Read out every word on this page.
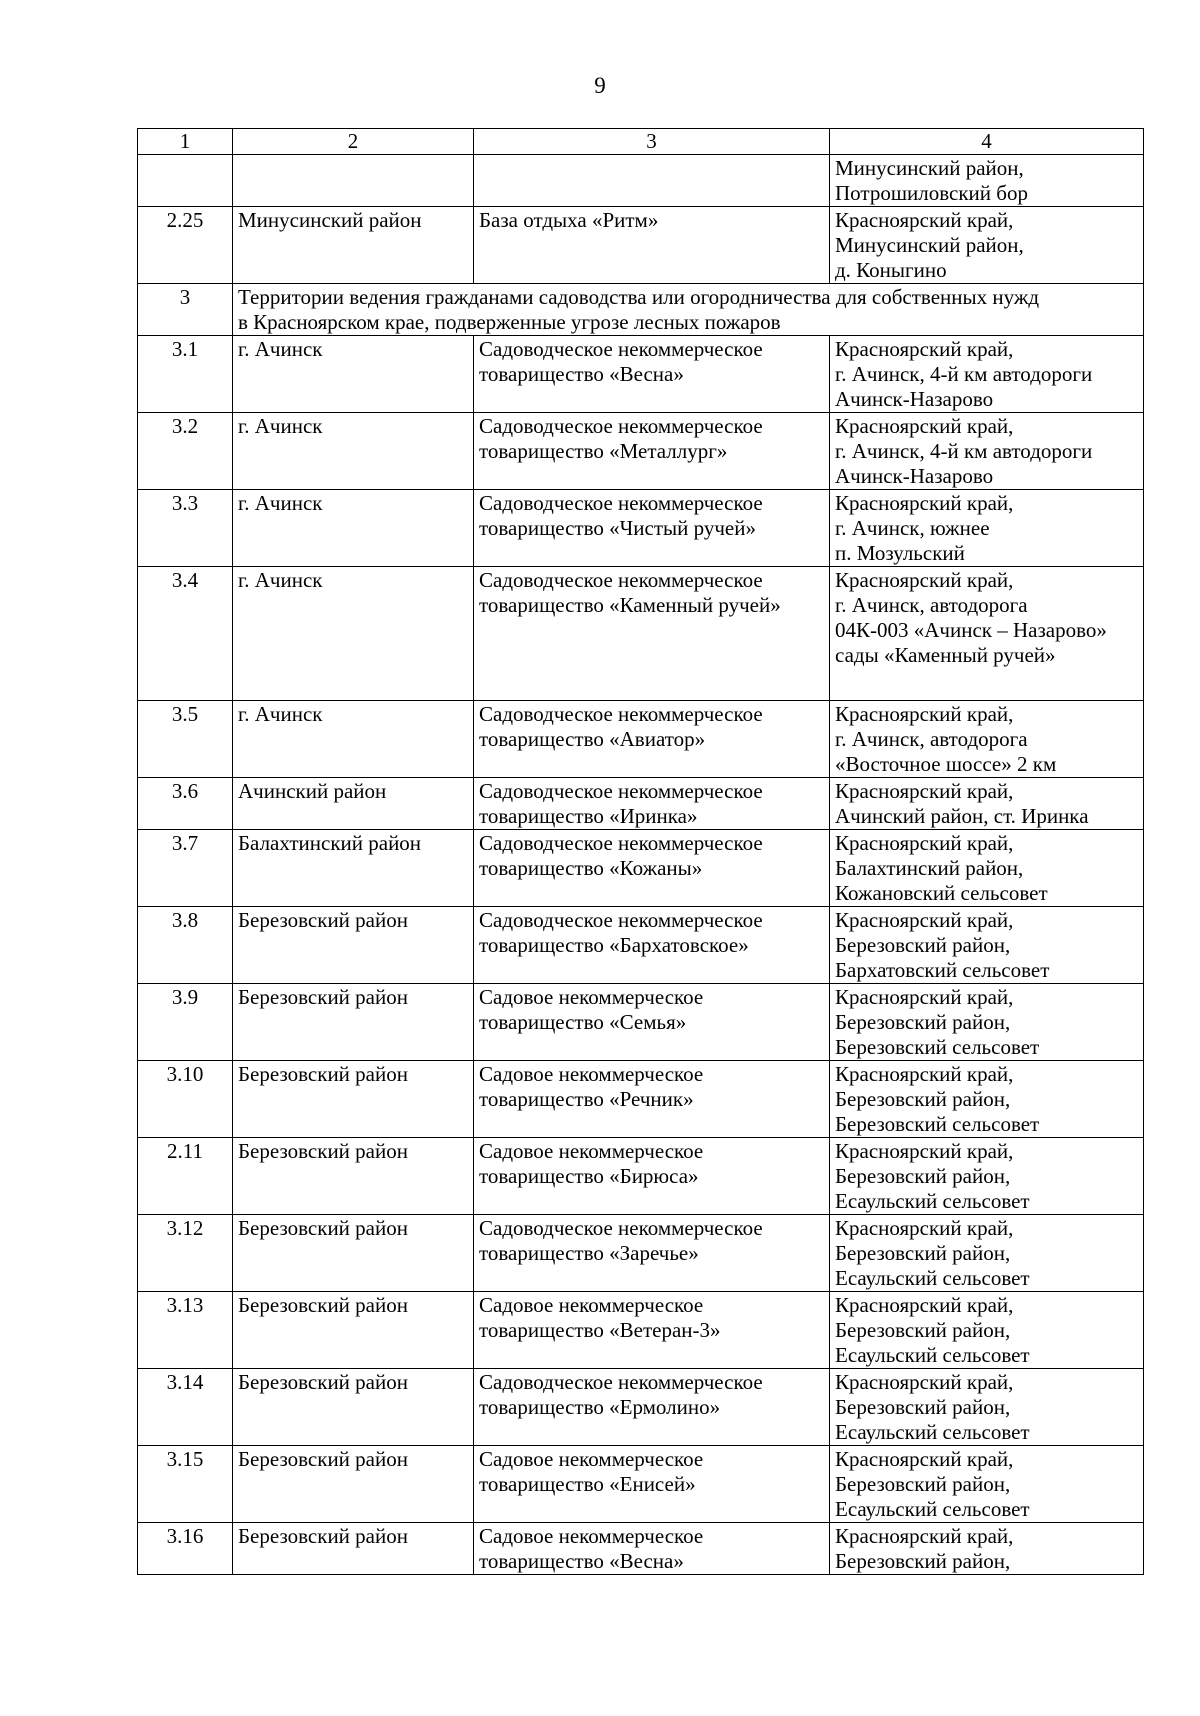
9
1	2	3	4

			Минусинский район,
Потрошиловский бор

2.25	Минусинский район	База отдыха «Ритм»	Красноярский край,
Минусинский район,
д. Коныгино

3	Территории ведения гражданами садоводства или огородничества для собственных нужд
в Красноярском крае, подверженные угрозе лесных пожаров		

3.1	г. Ачинск	Садоводческое некоммерческое
товарищество «Весна»	Красноярский край,
г. Ачинск, 4-й км автодороги
Ачинск-Назарово

3.2	г. Ачинск	Садоводческое некоммерческое
товарищество «Металлург»	Красноярский край,
г. Ачинск, 4-й км автодороги
Ачинск-Назарово

3.3	г. Ачинск	Садоводческое некоммерческое
товарищество «Чистый ручей»	Красноярский край,
г. Ачинск, южнее
п. Мозульский

3.4	г. Ачинск	Садоводческое некоммерческое
товарищество «Каменный ручей»	Красноярский край,
г. Ачинск, автодорога
04К-003 «Ачинск – Назарово»
сады «Каменный ручей»

3.5	г. Ачинск	Садоводческое некоммерческое
товарищество «Авиатор»	Красноярский край,
г. Ачинск, автодорога
«Восточное шоссе» 2 км

3.6	Ачинский район	Садоводческое некоммерческое
товарищество «Иринка»	Красноярский край,
Ачинский район, ст. Иринка

3.7	Балахтинский район	Садоводческое некоммерческое
товарищество «Кожаны»	Красноярский край,
Балахтинский район,
Кожановский сельсовет

3.8	Березовский район	Садоводческое некоммерческое
товарищество «Бархатовское»	Красноярский край,
Березовский район,
Бархатовский сельсовет

3.9	Березовский район	Садовое некоммерческое
товарищество «Семья»	Красноярский край,
Березовский район,
Березовский сельсовет

3.10	Березовский район	Садовое некоммерческое
товарищество «Речник»	Красноярский край,
Березовский район,
Березовский сельсовет

2.11	Березовский район	Садовое некоммерческое
товарищество «Бирюса»	Красноярский край,
Березовский район,
Есаульский сельсовет

3.12	Березовский район	Садоводческое некоммерческое
товарищество «Заречье»	Красноярский край,
Березовский район,
Есаульский сельсовет

3.13	Березовский район	Садовое некоммерческое
товарищество «Ветеран-3»	Красноярский край,
Березовский район,
Есаульский сельсовет

3.14	Березовский район	Садоводческое некоммерческое
товарищество «Ермолино»	Красноярский край,
Березовский район,
Есаульский сельсовет

3.15	Березовский район	Садовое некоммерческое
товарищество «Енисей»	Красноярский край,
Березовский район,
Есаульский сельсовет

3.16	Березовский район	Садовое некоммерческое
товарищество «Весна»	Красноярский край,
Березовский район,
